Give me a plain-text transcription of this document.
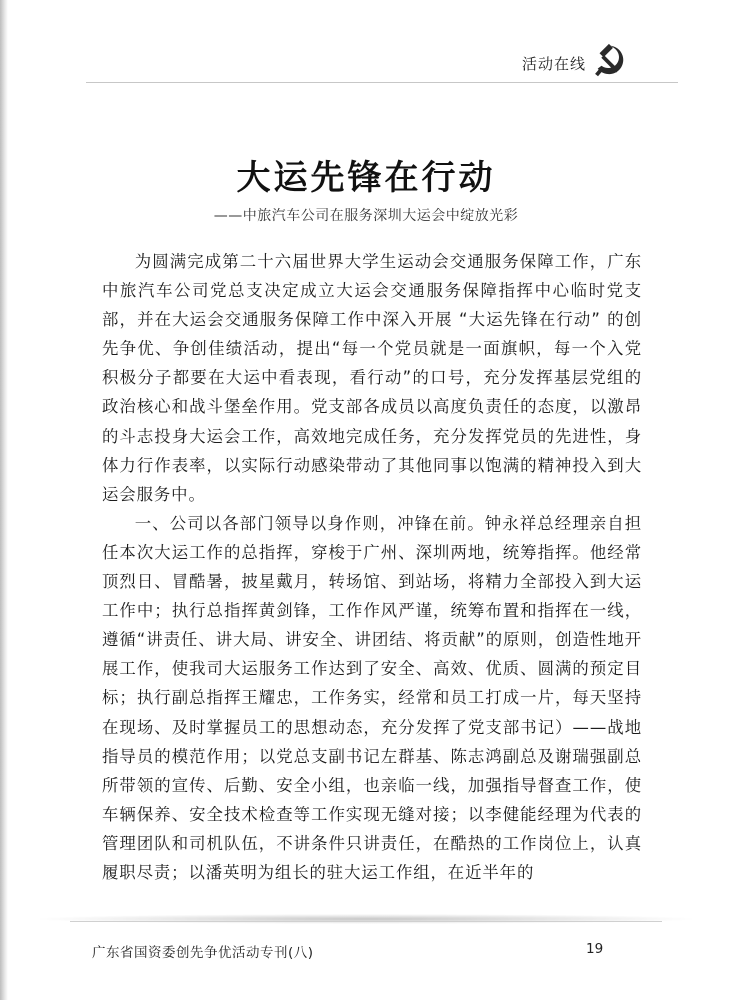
活动在线
大运先锋在行动
——中旅汽车公司在服务深圳大运会中绽放光彩

为圆满完成第二十六届世界大学生运动会交通服务保障工作，广东中旅汽车公司党总支决定成立大运会交通服务保障指挥中心临时党支部，并在大运会交通服务保障工作中深入开展 “大运先锋在行动” 的创先争优、争创佳绩活动，提出“每一个党员就是一面旗帜，每一个入党积极分子都要在大运中看表现，看行动”的口号，充分发挥基层党组的政治核心和战斗堡垒作用。党支部各成员以高度负责任的态度，以激昂的斗志投身大运会工作，高效地完成任务，充分发挥党员的先进性，身体力行作表率，以实际行动感染带动了其他同事以饱满的精神投入到大运会服务中。

一、公司以各部门领导以身作则，冲锋在前。钟永祥总经理亲自担任本次大运工作的总指挥，穿梭于广州、深圳两地，统筹指挥。他经常顶烈日、冒酷暑，披星戴月，转场馆、到站场，将精力全部投入到大运工作中；执行总指挥黄剑锋，工作作风严谨，统筹布置和指挥在一线，遵循“讲责任、讲大局、讲安全、讲团结、将贡献”的原则，创造性地开展工作，使我司大运服务工作达到了安全、高效、优质、圆满的预定目标；执行副总指挥王耀忠，工作务实，经常和员工打成一片，每天坚持在现场、及时掌握员工的思想动态，充分发挥了党支部书记）——战地指导员的模范作用；以党总支副书记左群基、陈志鸿副总及谢瑞强副总所带领的宣传、后勤、安全小组，也亲临一线，加强指导督查工作，使车辆保养、安全技术检查等工作实现无缝对接；以李健能经理为代表的管理团队和司机队伍，不讲条件只讲责任，在酷热的工作岗位上，认真履职尽责；以潘英明为组长的驻大运工作组，在近半年的

广东省国资委创先争优活动专刊(八)	19
